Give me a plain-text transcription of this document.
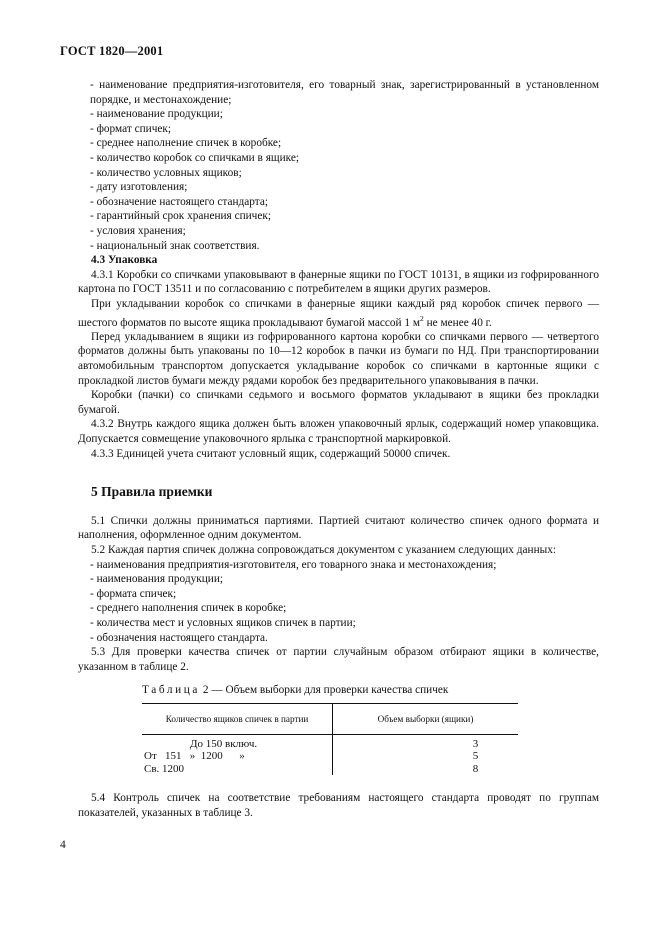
ГОСТ 1820—2001

- наименование предприятия-изготовителя, его товарный знак, зарегистрированный в установленном порядке, и местонахождение;

- наименование продукции;

- формат спичек;

- среднее наполнение спичек в коробке;

- количество коробок со спичками в ящике;

- количество условных ящиков;

- дату изготовления;

- обозначение настоящего стандарта;

- гарантийный срок хранения спичек;

- условия хранения;

- национальный знак соответствия.

4.3 Упаковка

4.3.1 Коробки со спичками упаковывают в фанерные ящики по ГОСТ 10131, в ящики из гофрированного картона по ГОСТ 13511 и по согласованию с потребителем в ящики других размеров.

При укладывании коробок со спичками в фанерные ящики каждый ряд коробок спичек первого — шестого форматов по высоте ящика прокладывают бумагой массой 1 $м^2$ не менее 40 г.

Перед укладыванием в ящики из гофрированного картона коробки со спичками первого — четвертого форматов должны быть упакованы по 10—12 коробок в пачки из бумаги по НД. При транспортировании автомобильным транспортом допускается укладывание коробок со спичками в картонные ящики с прокладкой листов бумаги между рядами коробок без предварительного упаковывания в пачки.

Коробки (пачки) со спичками седьмого и восьмого форматов укладывают в ящики без прокладки бумагой.

4.3.2 Внутрь каждого ящика должен быть вложен упаковочный ярлык, содержащий номер упаковщика. Допускается совмещение упаковочного ярлыка с транспортной маркировкой.

4.3.3 Единицей учета считают условный ящик, содержащий 50000 спичек.

5 Правила приемки

5.1 Спички должны приниматься партиями. Партией считают количество спичек одного формата и наполнения, оформленное одним документом.

5.2 Каждая партия спичек должна сопровождаться документом с указанием следующих данных:

- наименования предприятия-изготовителя, его товарного знака и местонахождения;

- наименования продукции;

- формата спичек;

- среднего наполнения спичек в коробке;

- количества мест и условных ящиков спичек в партии;

- обозначения настоящего стандарта.

5.3 Для проверки качества спичек от партии случайным образом отбирают ящики в количестве, указанном в таблице 2.

Таблица 2 — Объем выборки для проверки качества спичек
Количество ящиков спичек в партии	Объем выборки (ящики)
До 150 включ.	3
От   151   »  1200      »	5
Св. 1200	8

5.4 Контроль спичек на соответствие требованиям настоящего стандарта проводят по группам показателей, указанных в таблице 3.

4
